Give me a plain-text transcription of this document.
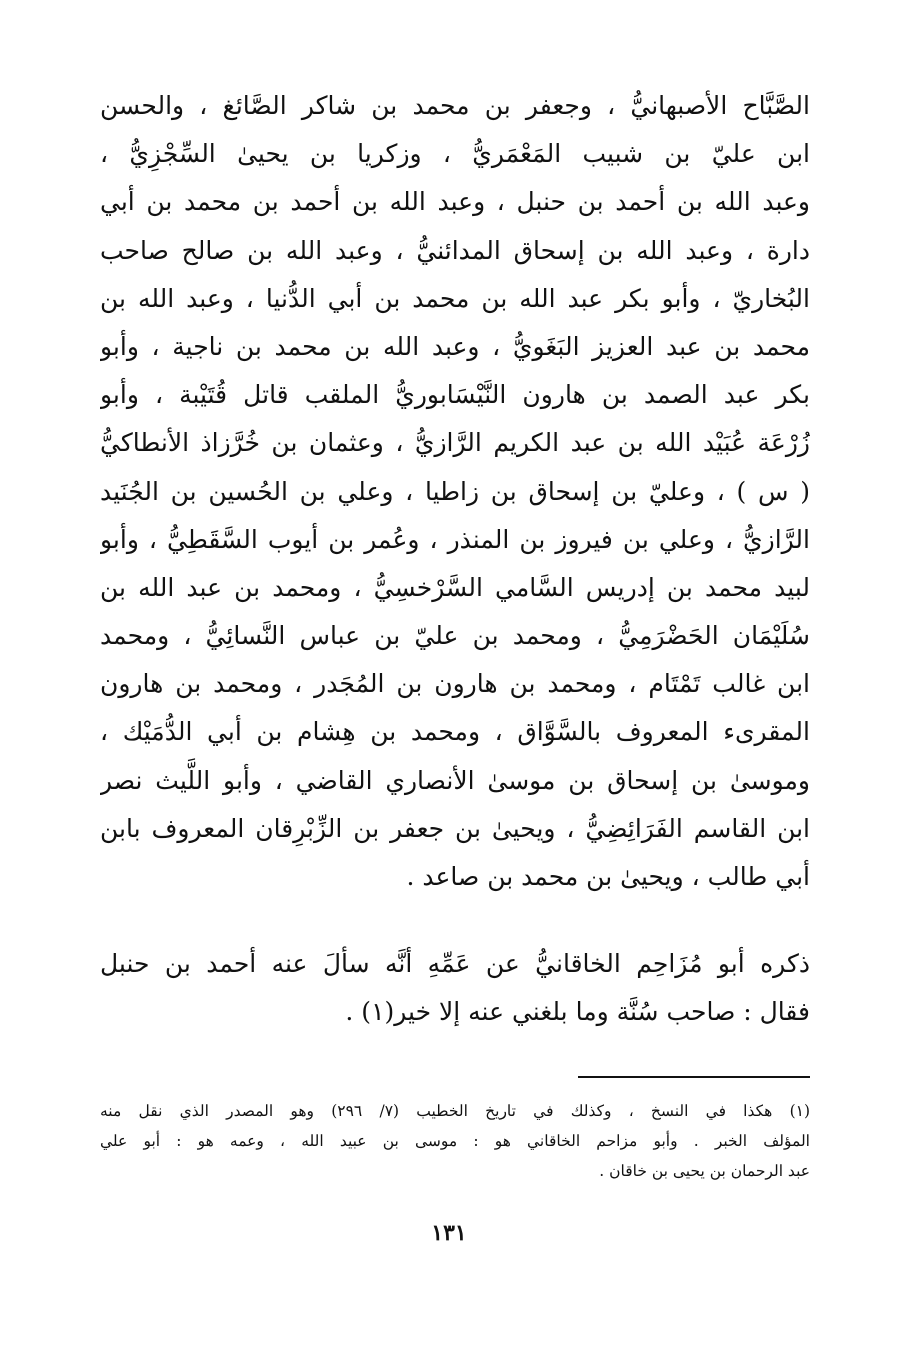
الصَّبَّاح الأصبهانيُّ ، وجعفر بن محمد بن شاكر الصَّائغ ، والحسن
ابن عليّ بن شبيب المَعْمَريُّ ، وزكريا بن يحيىٰ السِّجْزِيُّ ،
وعبد الله بن أحمد بن حنبل ، وعبد الله بن أحمد بن محمد بن أبي
دارة ، وعبد الله بن إسحاق المدائنيُّ ، وعبد الله بن صالح صاحب
البُخاريّ ، وأبو بكر عبد الله بن محمد بن أبي الدُّنيا ، وعبد الله بن
محمد بن عبد العزيز البَغَويُّ ، وعبد الله بن محمد بن ناجية ، وأبو
بكر عبد الصمد بن هارون النَّيْسَابوريُّ الملقب قاتل قُتَيْبة ، وأبو
زُرْعَة عُبَيْد الله بن عبد الكريم الرَّازيُّ ، وعثمان بن خُرَّزاذ الأنطاكيُّ
( س ) ، وعليّ بن إسحاق بن زاطيا ، وعلي بن الحُسين بن الجُنَيد
الرَّازيُّ ، وعلي بن فيروز بن المنذر ، وعُمر بن أيوب السَّقَطِيُّ ، وأبو
لبيد محمد بن إدريس السَّامي السَّرْخسِيُّ ، ومحمد بن عبد الله بن
سُلَيْمَان الحَضْرَمِيُّ ، ومحمد بن عليّ بن عباس النَّسائِيُّ ، ومحمد
ابن غالب تَمْتَام ، ومحمد بن هارون بن المُجَدر ، ومحمد بن هارون
المقرىء المعروف بالسَّوَّاق ، ومحمد بن هِشام بن أبي الدُّمَيْك ،
وموسىٰ بن إسحاق بن موسىٰ الأنصاري القاضي ، وأبو اللَّيث نصر
ابن القاسم الفَرَائِضِيُّ ، ويحيىٰ بن جعفر بن الزِّبْرِقان المعروف بابن
أبي طالب ، ويحيىٰ بن محمد بن صاعد .
ذكره أبو مُزَاحِم الخاقانيُّ عن عَمِّهِ أنَّه سألَ عنه أحمد بن حنبل
فقال : صاحب سُنَّة وما بلغني عنه إلا خير(١) .
(١) هكذا في النسخ ، وكذلك في تاريخ الخطيب (٧/ ٢٩٦) وهو المصدر الذي نقل منه
المؤلف الخبر . وأبو مزاحم الخاقاني هو : موسى بن عبيد الله ، وعمه هو : أبو علي
عبد الرحمان بن يحيى بن خاقان .
١٣١
